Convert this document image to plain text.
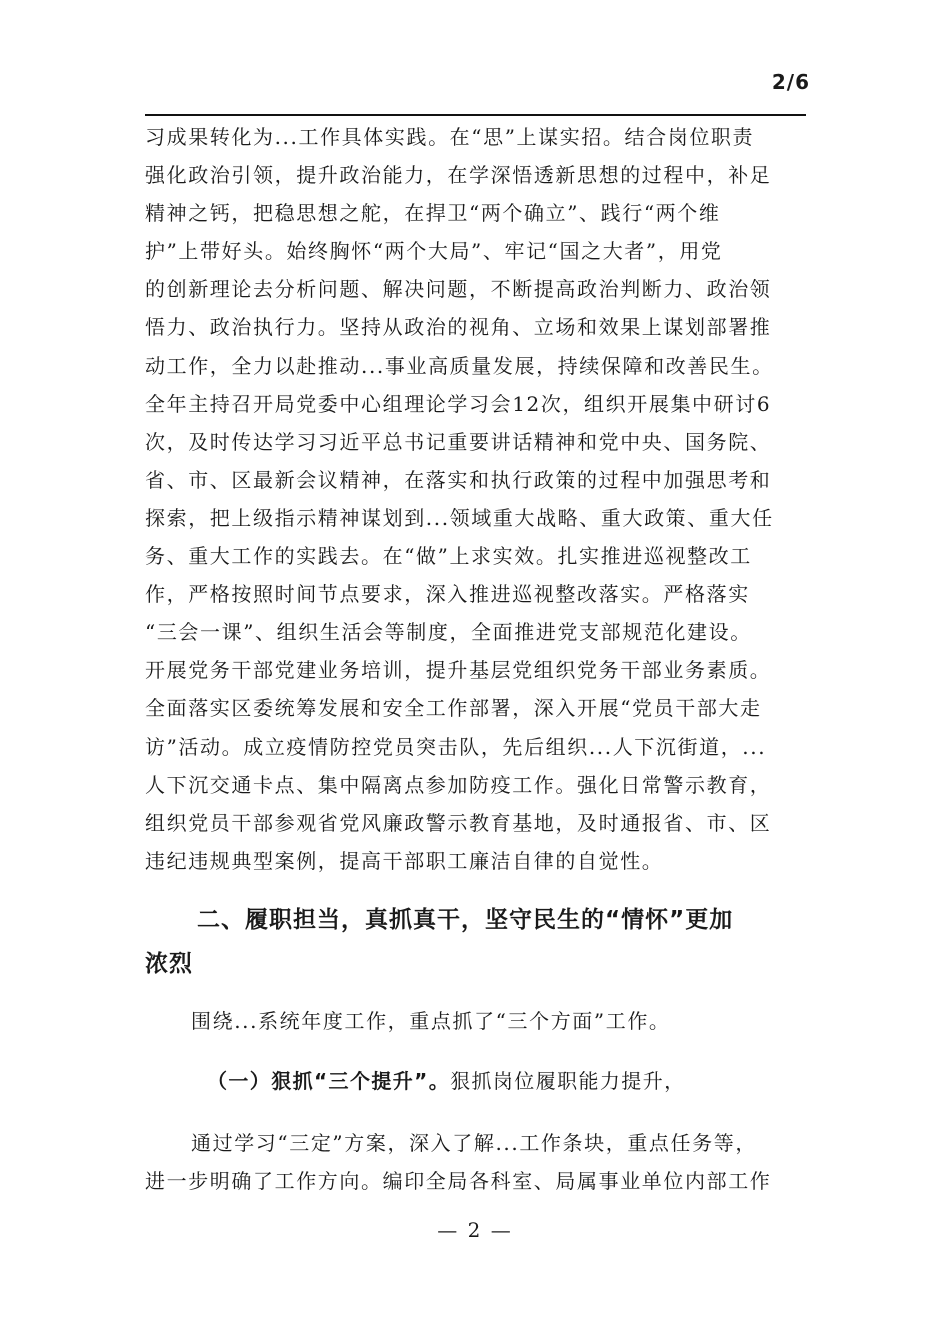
2/6
习成果转化为...工作具体实践。在“思”上谋实招。结合岗位职责
强化政治引领，提升政治能力，在学深悟透新思想的过程中，补足
精神之钙，把稳思想之舵，在捍卫“两个确立”、践行“两个维
护”上带好头。始终胸怀“两个大局”、牢记“国之大者”，用党
的创新理论去分析问题、解决问题，不断提高政治判断力、政治领
悟力、政治执行力。坚持从政治的视角、立场和效果上谋划部署推
动工作，全力以赴推动...事业高质量发展，持续保障和改善民生。
全年主持召开局党委中心组理论学习会12次，组织开展集中研讨6
次，及时传达学习习近平总书记重要讲话精神和党中央、国务院、
省、市、区最新会议精神，在落实和执行政策的过程中加强思考和
探索，把上级指示精神谋划到...领域重大战略、重大政策、重大任
务、重大工作的实践去。在“做”上求实效。扎实推进巡视整改工
作，严格按照时间节点要求，深入推进巡视整改落实。严格落实
“三会一课”、组织生活会等制度，全面推进党支部规范化建设。
开展党务干部党建业务培训，提升基层党组织党务干部业务素质。
全面落实区委统筹发展和安全工作部署，深入开展“党员干部大走
访”活动。成立疫情防控党员突击队，先后组织...人下沉街道，...
人下沉交通卡点、集中隔离点参加防疫工作。强化日常警示教育，
组织党员干部参观省党风廉政警示教育基地，及时通报省、市、区
违纪违规典型案例，提高干部职工廉洁自律的自觉性。
二、履职担当，真抓真干，坚守民生的“情怀”更加
浓烈
围绕...系统年度工作，重点抓了“三个方面”工作。
（一）狠抓“三个提升”。狠抓岗位履职能力提升，
通过学习“三定”方案，深入了解...工作条块，重点任务等，
进一步明确了工作方向。编印全局各科室、局属事业单位内部工作
— 2 —
